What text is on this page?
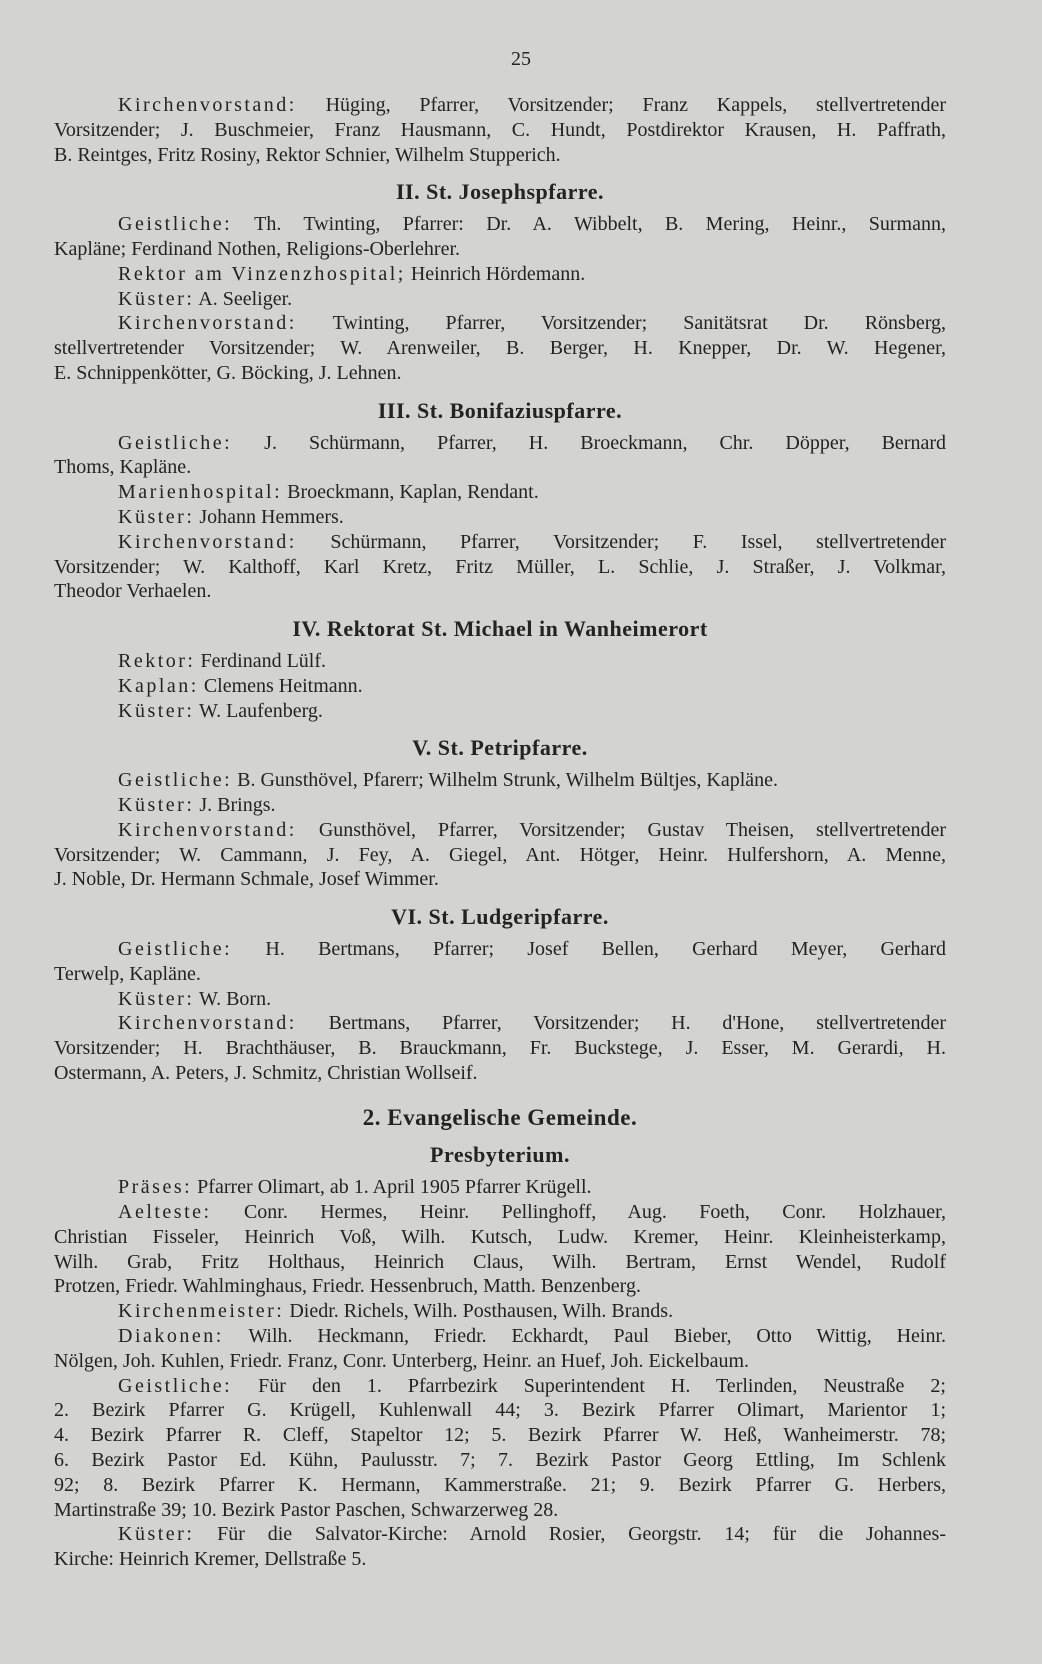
25
Kirchenvorstand: Hüging, Pfarrer, Vorsitzender; Franz Kappels, stellvertretender
Vorsitzender; J. Buschmeier, Franz Hausmann, C. Hundt, Postdirektor Krausen, H. Paffrath,
B. Reintges, Fritz Rosiny, Rektor Schnier, Wilhelm Stupperich.
II. St. Josephspfarre.
Geistliche: Th. Twinting, Pfarrer: Dr. A. Wibbelt, B. Mering, Heinr., Surmann,
Kapläne; Ferdinand Nothen, Religions-Oberlehrer.
Rektor am Vinzenzhospital; Heinrich Hördemann.
Küster: A. Seeliger.
Kirchenvorstand: Twinting, Pfarrer, Vorsitzender; Sanitätsrat Dr. Rönsberg,
stellvertretender Vorsitzender; W. Arenweiler, B. Berger, H. Knepper, Dr. W. Hegener,
E. Schnippenkötter, G. Böcking, J. Lehnen.
III. St. Bonifaziuspfarre.
Geistliche: J. Schürmann, Pfarrer, H. Broeckmann, Chr. Döpper, Bernard
Thoms, Kapläne.
Marienhospital: Broeckmann, Kaplan, Rendant.
Küster: Johann Hemmers.
Kirchenvorstand: Schürmann, Pfarrer, Vorsitzender; F. Issel, stellvertretender
Vorsitzender; W. Kalthoff, Karl Kretz, Fritz Müller, L. Schlie, J. Straßer, J. Volkmar,
Theodor Verhaelen.
IV. Rektorat St. Michael in Wanheimerort
Rektor: Ferdinand Lülf.
Kaplan: Clemens Heitmann.
Küster: W. Laufenberg.
V. St. Petripfarre.
Geistliche: B. Gunsthövel, Pfarerr; Wilhelm Strunk, Wilhelm Bültjes, Kapläne.
Küster: J. Brings.
Kirchenvorstand: Gunsthövel, Pfarrer, Vorsitzender; Gustav Theisen, stellvertretender
Vorsitzender; W. Cammann, J. Fey, A. Giegel, Ant. Hötger, Heinr. Hulfershorn, A. Menne,
J. Noble, Dr. Hermann Schmale, Josef Wimmer.
VI. St. Ludgeripfarre.
Geistliche: H. Bertmans, Pfarrer; Josef Bellen, Gerhard Meyer, Gerhard
Terwelp, Kapläne.
Küster: W. Born.
Kirchenvorstand: Bertmans, Pfarrer, Vorsitzender; H. d'Hone, stellvertretender
Vorsitzender; H. Brachthäuser, B. Brauckmann, Fr. Buckstege, J. Esser, M. Gerardi, H.
Ostermann, A. Peters, J. Schmitz, Christian Wollseif.
2. Evangelische Gemeinde.
Presbyterium.
Präses: Pfarrer Olimart, ab 1. April 1905 Pfarrer Krügell.
Aelteste: Conr. Hermes, Heinr. Pellinghoff, Aug. Foeth, Conr. Holzhauer,
Christian Fisseler, Heinrich Voß, Wilh. Kutsch, Ludw. Kremer, Heinr. Kleinheisterkamp,
Wilh. Grab, Fritz Holthaus, Heinrich Claus, Wilh. Bertram, Ernst Wendel, Rudolf
Protzen, Friedr. Wahlminghaus, Friedr. Hessenbruch, Matth. Benzenberg.
Kirchenmeister: Diedr. Richels, Wilh. Posthausen, Wilh. Brands.
Diakonen: Wilh. Heckmann, Friedr. Eckhardt, Paul Bieber, Otto Wittig, Heinr.
Nölgen, Joh. Kuhlen, Friedr. Franz, Conr. Unterberg, Heinr. an Huef, Joh. Eickelbaum.
Geistliche: Für den 1. Pfarrbezirk Superintendent H. Terlinden, Neustraße 2;
2. Bezirk Pfarrer G. Krügell, Kuhlenwall 44; 3. Bezirk Pfarrer Olimart, Marientor 1;
4. Bezirk Pfarrer R. Cleff, Stapeltor 12; 5. Bezirk Pfarrer W. Heß, Wanheimerstr. 78;
6. Bezirk Pastor Ed. Kühn, Paulusstr. 7; 7. Bezirk Pastor Georg Ettling, Im Schlenk
92; 8. Bezirk Pfarrer K. Hermann, Kammerstraße. 21; 9. Bezirk Pfarrer G. Herbers,
Martinstraße 39; 10. Bezirk Pastor Paschen, Schwarzerweg 28.
Küster: Für die Salvator-Kirche: Arnold Rosier, Georgstr. 14; für die Johannes-
Kirche: Heinrich Kremer, Dellstraße 5.
